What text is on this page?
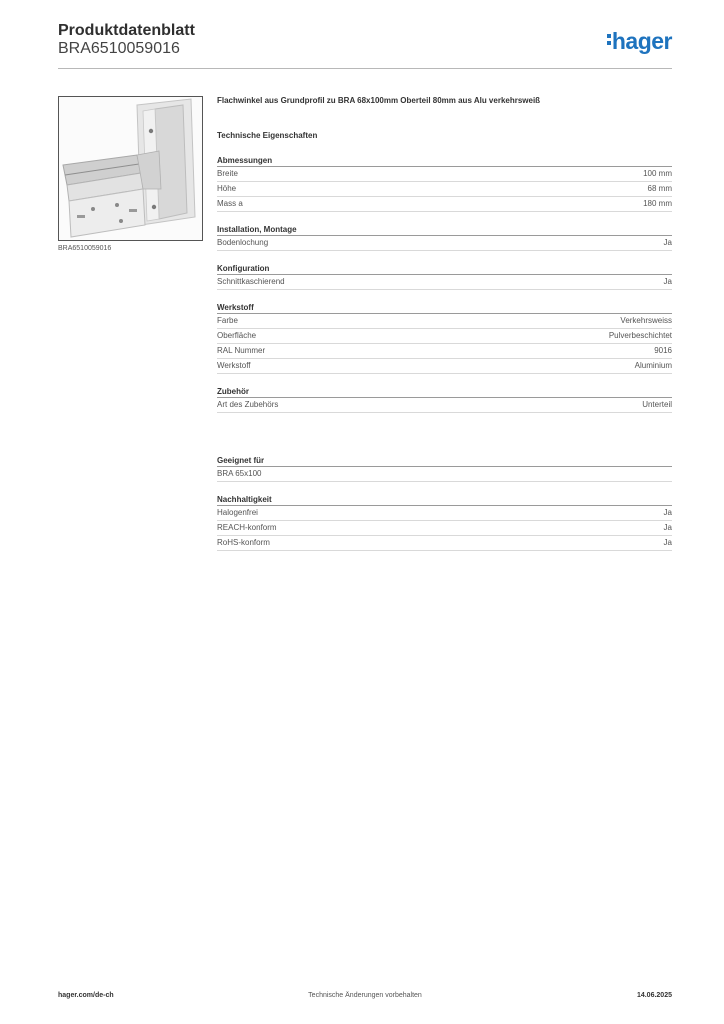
Produktdatenblatt
BRA6510059016	hager
BRA6510059016
Flachwinkel aus Grundprofil zu BRA 68x100mm Oberteil 80mm aus Alu verkehrsweiß
Technische Eigenschaften
Abmessungen
Breite	100 mm
Höhe	68 mm
Mass a	180 mm
Installation, Montage
Bodenlochung	Ja
Konfiguration
Schnittkaschierend	Ja
Werkstoff
Farbe	Verkehrsweiss
Oberfläche	Pulverbeschichtet
RAL Nummer	9016
Werkstoff	Aluminium
Zubehör
Art des Zubehörs	Unterteil
Geeignet für
BRA 65x100
Nachhaltigkeit
Halogenfrei	Ja
REACH-konform	Ja
RoHS-konform	Ja
hager.com/de-ch	Technische Änderungen vorbehalten	14.06.2025
